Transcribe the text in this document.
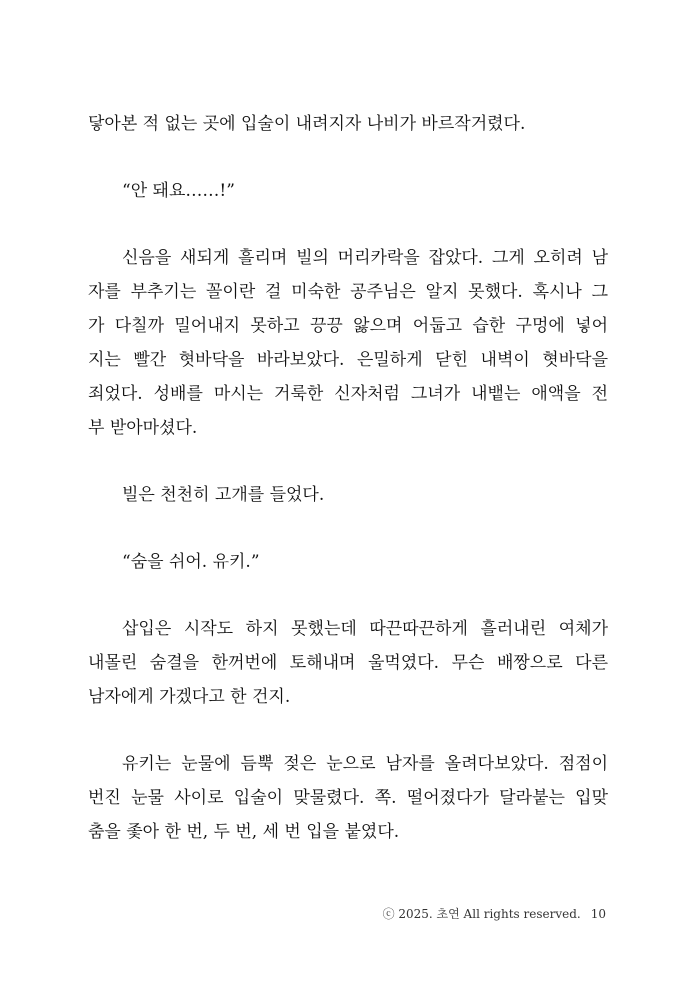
닿아본 적 없는 곳에 입술이 내려지자 나비가 바르작거렸다.

“안 돼요……!”

신음을 새되게 흘리며 빌의 머리카락을 잡았다. 그게 오히려 남

자를 부추기는 꼴이란 걸 미숙한 공주님은 알지 못했다. 혹시나 그

가 다칠까 밀어내지 못하고 끙끙 앓으며 어둡고 습한 구멍에 넣어

지는 빨간 혓바닥을 바라보았다. 은밀하게 닫힌 내벽이 혓바닥을

죄었다. 성배를 마시는 거룩한 신자처럼 그녀가 내뱉는 애액을 전

부 받아마셨다.

빌은 천천히 고개를 들었다.

“숨을 쉬어. 유키.”

삽입은 시작도 하지 못했는데 따끈따끈하게 흘러내린 여체가

내몰린 숨결을 한꺼번에 토해내며 울먹였다. 무슨 배짱으로 다른

남자에게 가겠다고 한 건지.

유키는 눈물에 듬뿍 젖은 눈으로 남자를 올려다보았다. 점점이

번진 눈물 사이로 입술이 맞물렸다. 쪽. 떨어졌다가 달라붙는 입맞

춤을 좇아 한 번, 두 번, 세 번 입을 붙였다.

ⓒ 2025. 초연 All rights reserved. 10
